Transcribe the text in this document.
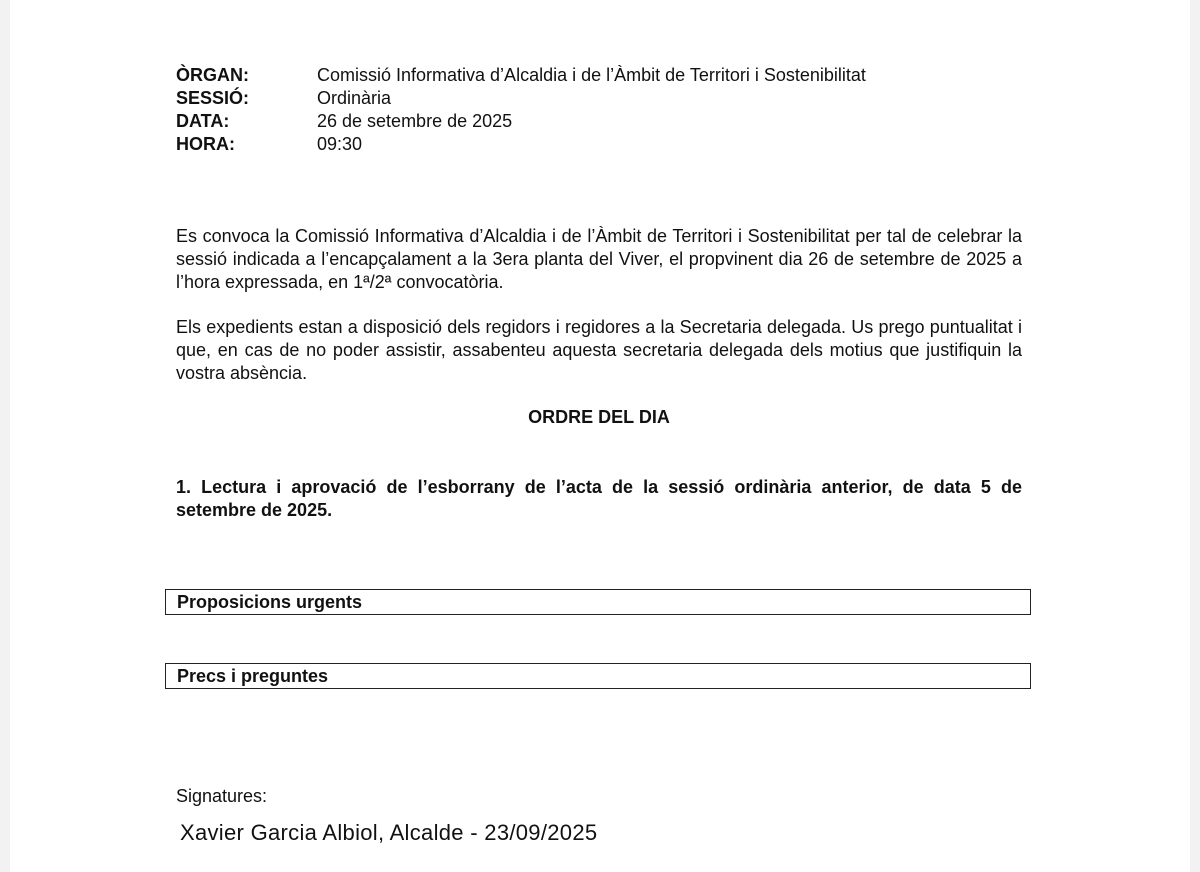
ÒRGAN:	Comissió Informativa d’Alcaldia i de l’Àmbit de Territori i Sostenibilitat
SESSIÓ:	Ordinària
DATA:	26 de setembre de 2025
HORA:	09:30
Es convoca la Comissió Informativa d’Alcaldia i de l’Àmbit de Territori i Sostenibilitat per tal de celebrar la sessió indicada a l’encapçalament a la 3era planta del Viver, el propvinent dia 26 de setembre de 2025 a l’hora expressada, en 1ª/2ª convocatòria.
Els expedients estan a disposició dels regidors i regidores a la Secretaria delegada. Us prego puntualitat i que, en cas de no poder assistir, assabenteu aquesta secretaria delegada dels motius que justifiquin la vostra absència.
ORDRE DEL DIA
1. Lectura i aprovació de l’esborrany de l’acta de la sessió ordinària anterior, de data 5 de setembre de 2025.
Proposicions urgents
Precs i preguntes
Signatures:
Xavier Garcia Albiol, Alcalde - 23/09/2025
